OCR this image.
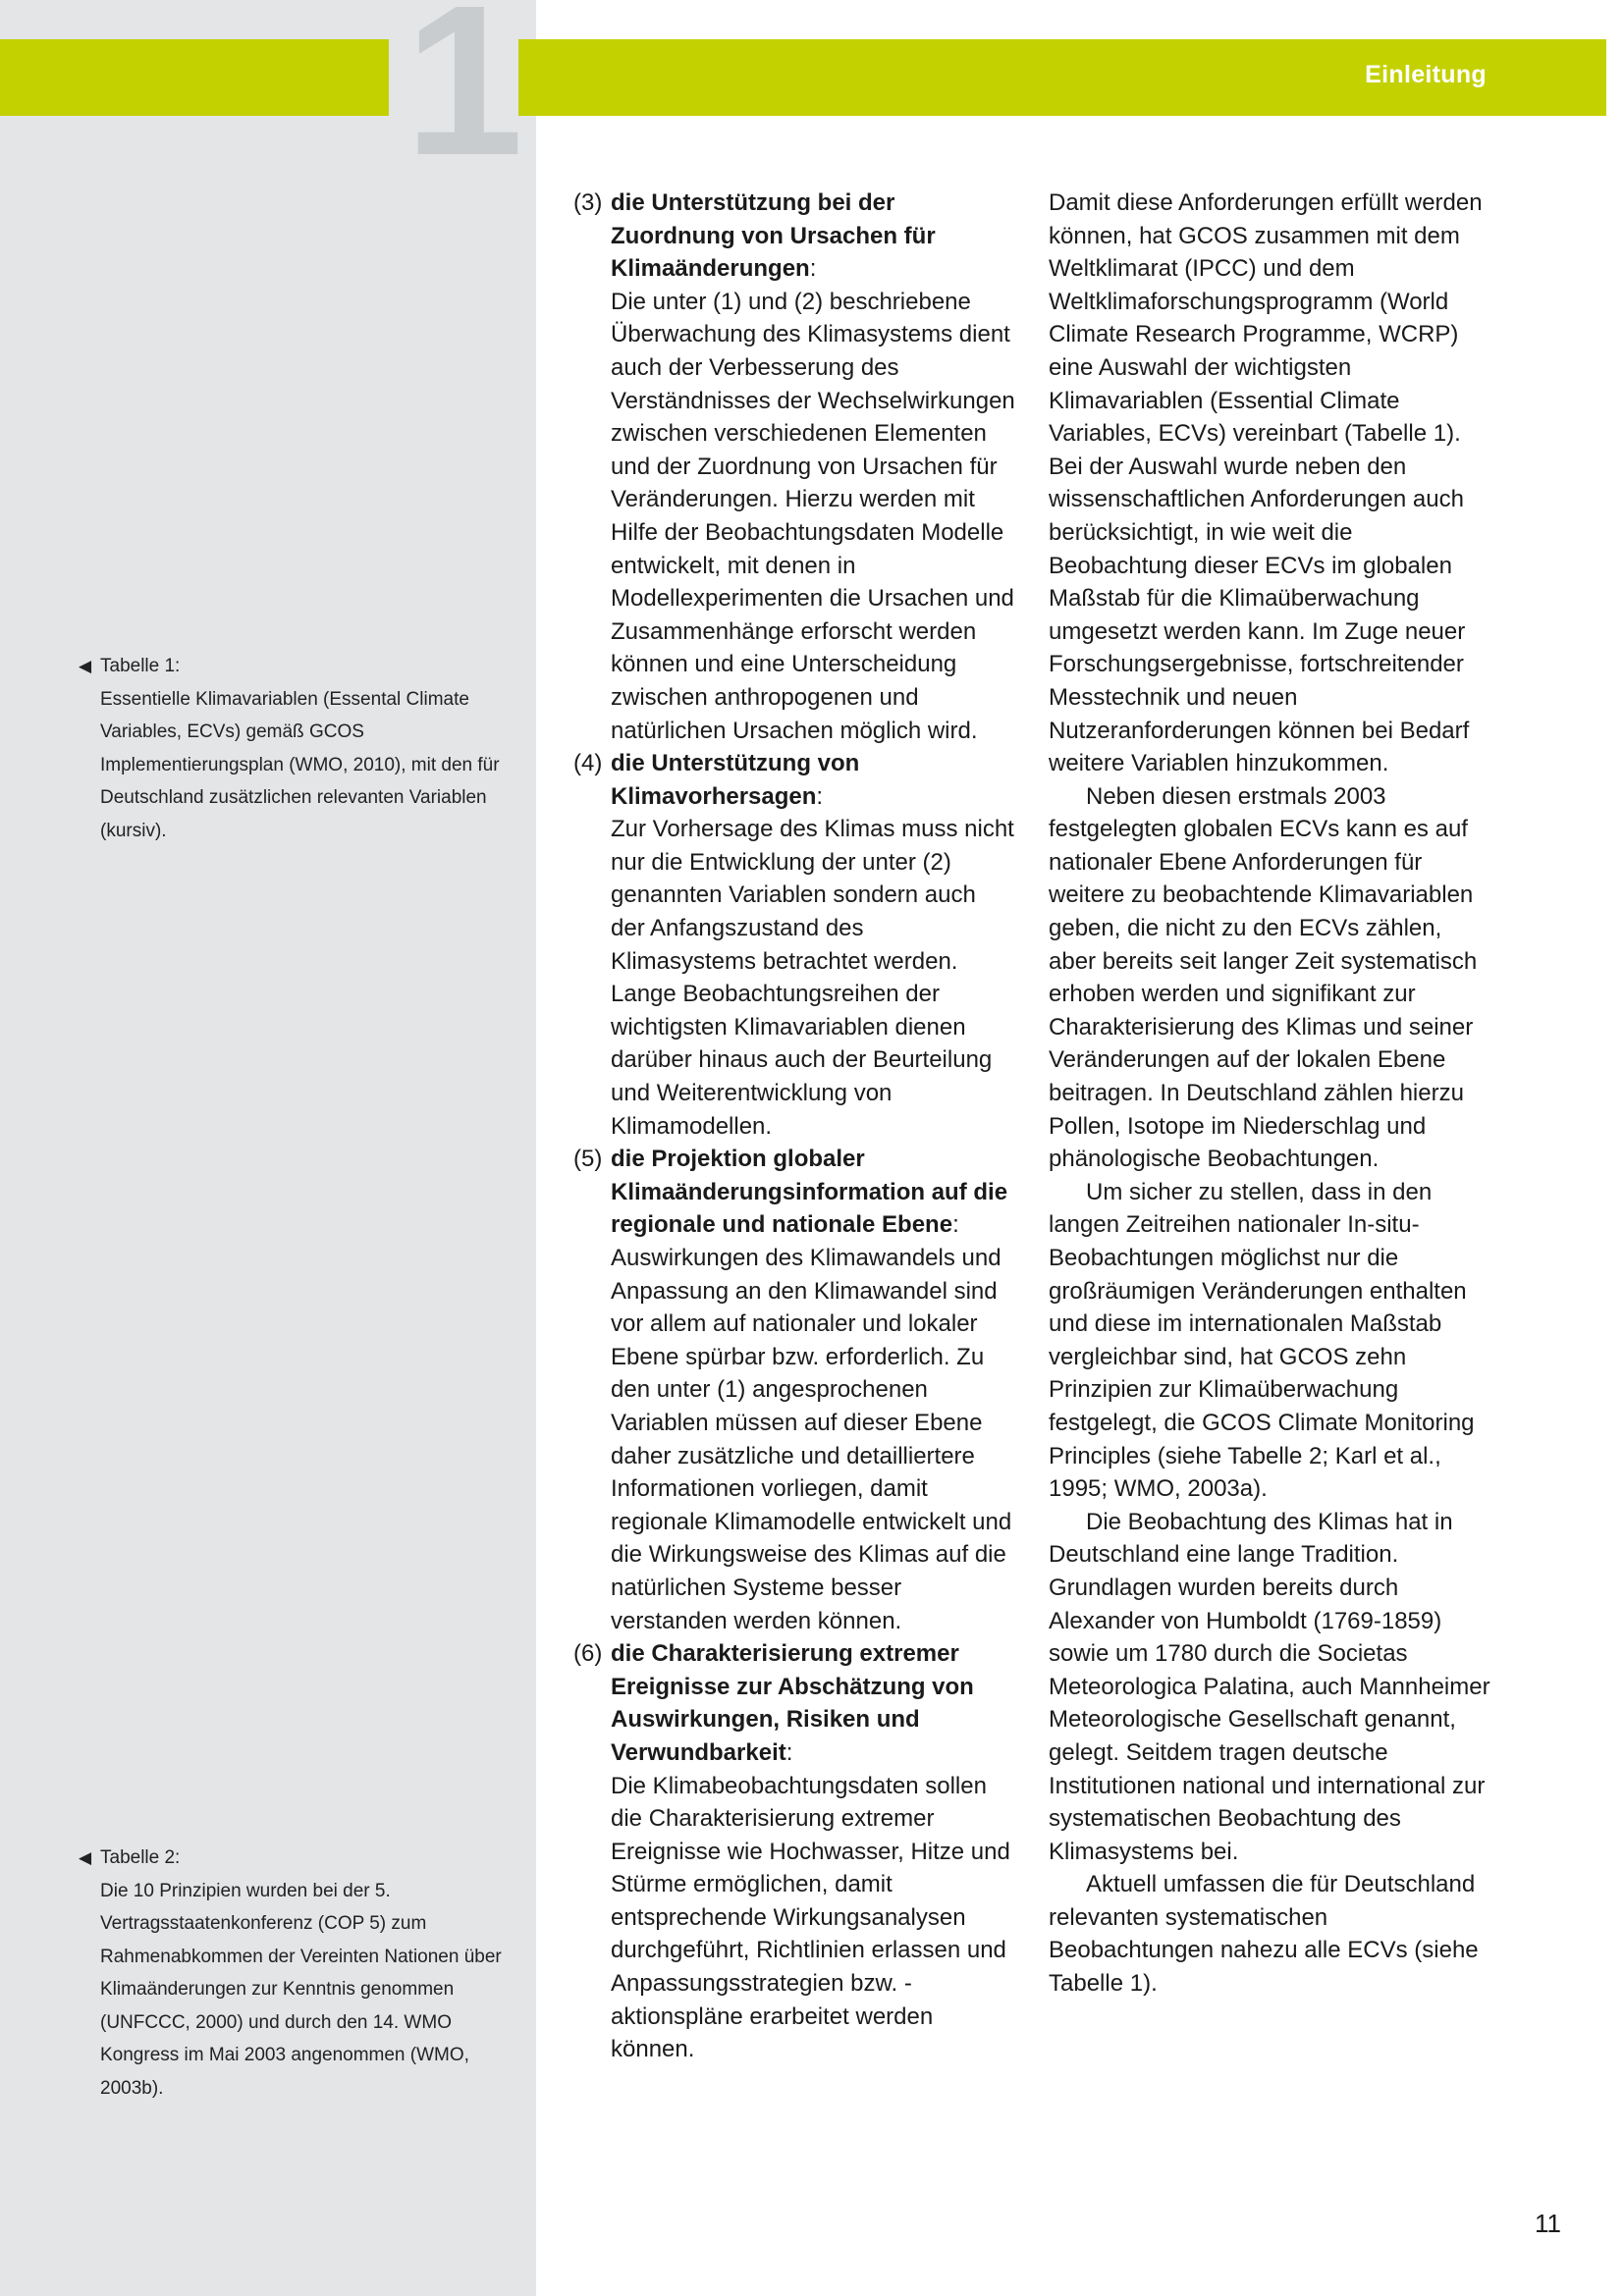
1	Einleitung
◀ Tabelle 1:
Essentielle Klimavariablen (Essental Climate Variables, ECVs) gemäß GCOS Implementierungsplan (WMO, 2010), mit den für Deutschland zusätzlichen relevanten Variablen (kursiv).
◀ Tabelle 2:
Die 10 Prinzipien wurden bei der 5. Vertragsstaatenkonferenz (COP 5) zum Rahmenabkommen der Vereinten Nationen über Klimaänderungen zur Kenntnis genommen (UNFCCC, 2000) und durch den 14. WMO Kongress im Mai 2003 angenommen (WMO, 2003b).
(3) die Unterstützung bei der Zuordnung von Ursachen für Klimaänderungen:
Die unter (1) und (2) beschriebene Überwachung des Klimasystems dient auch der Verbesserung des Verständnisses der Wechselwirkungen zwischen verschiedenen Elementen und der Zuordnung von Ursachen für Veränderungen. Hierzu werden mit Hilfe der Beobachtungsdaten Modelle entwickelt, mit denen in Modellexperimenten die Ursachen und Zusammenhänge erforscht werden können und eine Unterscheidung zwischen anthropogenen und natürlichen Ursachen möglich wird.
(4) die Unterstützung von Klimavorhersagen:
Zur Vorhersage des Klimas muss nicht nur die Entwicklung der unter (2) genannten Variablen sondern auch der Anfangszustand des Klimasystems betrachtet werden. Lange Beobachtungsreihen der wichtigsten Klimavariablen dienen darüber hinaus auch der Beurteilung und Weiterentwicklung von Klimamodellen.
(5) die Projektion globaler Klimaänderungsinformation auf die regionale und nationale Ebene:
Auswirkungen des Klimawandels und Anpassung an den Klimawandel sind vor allem auf nationaler und lokaler Ebene spürbar bzw. erforderlich. Zu den unter (1) angesprochenen Variablen müssen auf dieser Ebene daher zusätzliche und detailliertere Informationen vorliegen, damit regionale Klimamodelle entwickelt und die Wirkungsweise des Klimas auf die natürlichen Systeme besser verstanden werden können.
(6) die Charakterisierung extremer Ereignisse zur Abschätzung von Auswirkungen, Risiken und Verwundbarkeit:
Die Klimabeobachtungsdaten sollen die Charakterisierung extremer Ereignisse wie Hochwasser, Hitze und Stürme ermöglichen, damit entsprechende Wirkungsanalysen durchgeführt, Richtlinien erlassen und Anpassungsstrategien bzw. -aktionspläne erarbeitet werden können.

Damit diese Anforderungen erfüllt werden können, hat GCOS zusammen mit dem Weltklimarat (IPCC) und dem Weltklimaforschungsprogramm (World Climate Research Programme, WCRP) eine Auswahl der wichtigsten Klimavariablen (Essential Climate Variables, ECVs) vereinbart (Tabelle 1). Bei der Auswahl wurde neben den wissenschaftlichen Anforderungen auch berücksichtigt, in wie weit die Beobachtung dieser ECVs im globalen Maßstab für die Klimaüberwachung umgesetzt werden kann. Im Zuge neuer Forschungsergebnisse, fortschreitender Messtechnik und neuen Nutzeranforderungen können bei Bedarf weitere Variablen hinzukommen.

Neben diesen erstmals 2003 festgelegten globalen ECVs kann es auf nationaler Ebene Anforderungen für weitere zu beobachtende Klimavariablen geben, die nicht zu den ECVs zählen, aber bereits seit langer Zeit systematisch erhoben werden und signifikant zur Charakterisierung des Klimas und seiner Veränderungen auf der lokalen Ebene beitragen. In Deutschland zählen hierzu Pollen, Isotope im Niederschlag und phänologische Beobachtungen.

Um sicher zu stellen, dass in den langen Zeitreihen nationaler In-situ-Beobachtungen möglichst nur die großräumigen Veränderungen enthalten und diese im internationalen Maßstab vergleichbar sind, hat GCOS zehn Prinzipien zur Klimaüberwachung festgelegt, die GCOS Climate Monitoring Principles (siehe Tabelle 2; Karl et al., 1995; WMO, 2003a).

Die Beobachtung des Klimas hat in Deutschland eine lange Tradition. Grundlagen wurden bereits durch Alexander von Humboldt (1769-1859) sowie um 1780 durch die Societas Meteorologica Palatina, auch Mannheimer Meteorologische Gesellschaft genannt, gelegt. Seitdem tragen deutsche Institutionen national und international zur systematischen Beobachtung des Klimasystems bei.

Aktuell umfassen die für Deutschland relevanten systematischen Beobachtungen nahezu alle ECVs (siehe Tabelle 1).

11
